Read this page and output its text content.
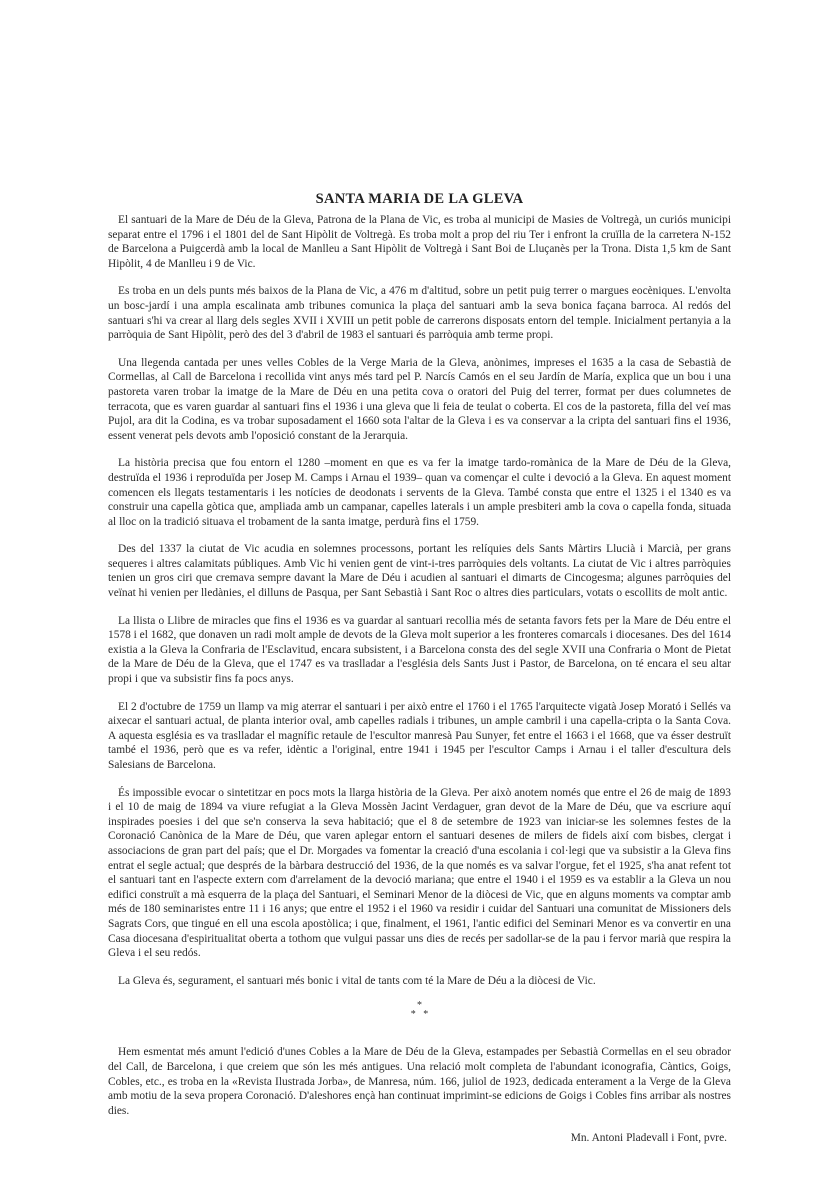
SANTA MARIA DE LA GLEVA

El santuari de la Mare de Déu de la Gleva, Patrona de la Plana de Vic, es troba al municipi de Masies de Voltregà, un curiós municipi separat entre el 1796 i el 1801 del de Sant Hipòlit de Voltregà. Es troba molt a prop del riu Ter i enfront la cruïlla de la carretera N-152 de Barcelona a Puigcerdà amb la local de Manlleu a Sant Hipòlit de Voltregà i Sant Boi de Lluçanès per la Trona. Dista 1,5 km de Sant Hipòlit, 4 de Manlleu i 9 de Vic.

Es troba en un dels punts més baixos de la Plana de Vic, a 476 m d'altitud, sobre un petit puig terrer o margues eocèniques. L'envolta un bosc-jardí i una ampla escalinata amb tribunes comunica la plaça del santuari amb la seva bonica façana barroca. Al redós del santuari s'hi va crear al llarg dels segles XVII i XVIII un petit poble de carrerons disposats entorn del temple. Inicialment pertanyia a la parròquia de Sant Hipòlit, però des del 3 d'abril de 1983 el santuari és parròquia amb terme propi.

Una llegenda cantada per unes velles Cobles de la Verge Maria de la Gleva, anònimes, impreses el 1635 a la casa de Sebastià de Cormellas, al Call de Barcelona i recollida vint anys més tard pel P. Narcís Camós en el seu Jardín de María, explica que un bou i una pastoreta varen trobar la imatge de la Mare de Déu en una petita cova o oratori del Puig del terrer, format per dues columnetes de terracota, que es varen guardar al santuari fins el 1936 i una gleva que li feia de teulat o coberta. El cos de la pastoreta, filla del veí mas Pujol, ara dit la Codina, es va trobar suposadament el 1660 sota l'altar de la Gleva i es va conservar a la cripta del santuari fins el 1936, essent venerat pels devots amb l'oposició constant de la Jerarquia.

La història precisa que fou entorn el 1280 –moment en que es va fer la imatge tardo-romànica de la Mare de Déu de la Gleva, destruïda el 1936 i reproduïda per Josep M. Camps i Arnau el 1939– quan va començar el culte i devoció a la Gleva. En aquest moment comencen els llegats testamentaris i les notícies de deodonats i servents de la Gleva. També consta que entre el 1325 i el 1340 es va construir una capella gòtica que, ampliada amb un campanar, capelles laterals i un ample presbiteri amb la cova o capella fonda, situada al lloc on la tradició situava el trobament de la santa imatge, perdurà fins el 1759.

Des del 1337 la ciutat de Vic acudia en solemnes processons, portant les relíquies dels Sants Màrtirs Llucià i Marcià, per grans sequeres i altres calamitats públiques. Amb Vic hi venien gent de vint-i-tres parròquies dels voltants. La ciutat de Vic i altres parròquies tenien un gros ciri que cremava sempre davant la Mare de Déu i acudien al santuari el dimarts de Cincogesma; algunes parròquies del veïnat hi venien per lledànies, el dilluns de Pasqua, per Sant Sebastià i Sant Roc o altres dies particulars, votats o escollits de molt antic.

La llista o Llibre de miracles que fins el 1936 es va guardar al santuari recollia més de setanta favors fets per la Mare de Déu entre el 1578 i el 1682, que donaven un radi molt ample de devots de la Gleva molt superior a les fronteres comarcals i diocesanes. Des del 1614 existia a la Gleva la Confraria de l'Esclavitud, encara subsistent, i a Barcelona consta des del segle XVII una Confraria o Mont de Pietat de la Mare de Déu de la Gleva, que el 1747 es va traslladar a l'església dels Sants Just i Pastor, de Barcelona, on té encara el seu altar propi i que va subsistir fins fa pocs anys.

El 2 d'octubre de 1759 un llamp va mig aterrar el santuari i per això entre el 1760 i el 1765 l'arquitecte vigatà Josep Morató i Sellés va aixecar el santuari actual, de planta interior oval, amb capelles radials i tribunes, un ample cambril i una capella-cripta o la Santa Cova. A aquesta església es va traslladar el magnífic retaule de l'escultor manresà Pau Sunyer, fet entre el 1663 i el 1668, que va ésser destruït també el 1936, però que es va refer, idèntic a l'original, entre 1941 i 1945 per l'escultor Camps i Arnau i el taller d'escultura dels Salesians de Barcelona.

És impossible evocar o sintetitzar en pocs mots la llarga història de la Gleva. Per això anotem només que entre el 26 de maig de 1893 i el 10 de maig de 1894 va viure refugiat a la Gleva Mossèn Jacint Verdaguer, gran devot de la Mare de Déu, que va escriure aquí inspirades poesies i del que se'n conserva la seva habitació; que el 8 de setembre de 1923 van iniciar-se les solemnes festes de la Coronació Canònica de la Mare de Déu, que varen aplegar entorn el santuari desenes de milers de fidels així com bisbes, clergat i associacions de gran part del país; que el Dr. Morgades va fomentar la creació d'una escolania i col·legi que va subsistir a la Gleva fins entrat el segle actual; que després de la bàrbara destrucció del 1936, de la que només es va salvar l'orgue, fet el 1925, s'ha anat refent tot el santuari tant en l'aspecte extern com d'arrelament de la devoció mariana; que entre el 1940 i el 1959 es va establir a la Gleva un nou edifici construït a mà esquerra de la plaça del Santuari, el Seminari Menor de la diòcesi de Vic, que en alguns moments va comptar amb més de 180 seminaristes entre 11 i 16 anys; que entre el 1952 i el 1960 va residir i cuidar del Santuari una comunitat de Missioners dels Sagrats Cors, que tingué en ell una escola apostòlica; i que, finalment, el 1961, l'antic edifici del Seminari Menor es va convertir en una Casa diocesana d'espiritualitat oberta a tothom que vulgui passar uns dies de recés per sadollar-se de la pau i fervor marià que respira la Gleva i el seu redós.

La Gleva és, segurament, el santuari més bonic i vital de tants com té la Mare de Déu a la diòcesi de Vic.

*
*   *

Hem esmentat més amunt l'edició d'unes Cobles a la Mare de Déu de la Gleva, estampades per Sebastià Cormellas en el seu obrador del Call, de Barcelona, i que creiem que són les més antigues. Una relació molt completa de l'abundant iconografia, Càntics, Goigs, Cobles, etc., es troba en la «Revista Ilustrada Jorba», de Manresa, núm. 166, juliol de 1923, dedicada enterament a la Verge de la Gleva amb motiu de la seva propera Coronació. D'aleshores ençà han continuat imprimint-se edicions de Goigs i Cobles fins arribar als nostres dies.

Mn. Antoni Pladevall i Font, pvre.
